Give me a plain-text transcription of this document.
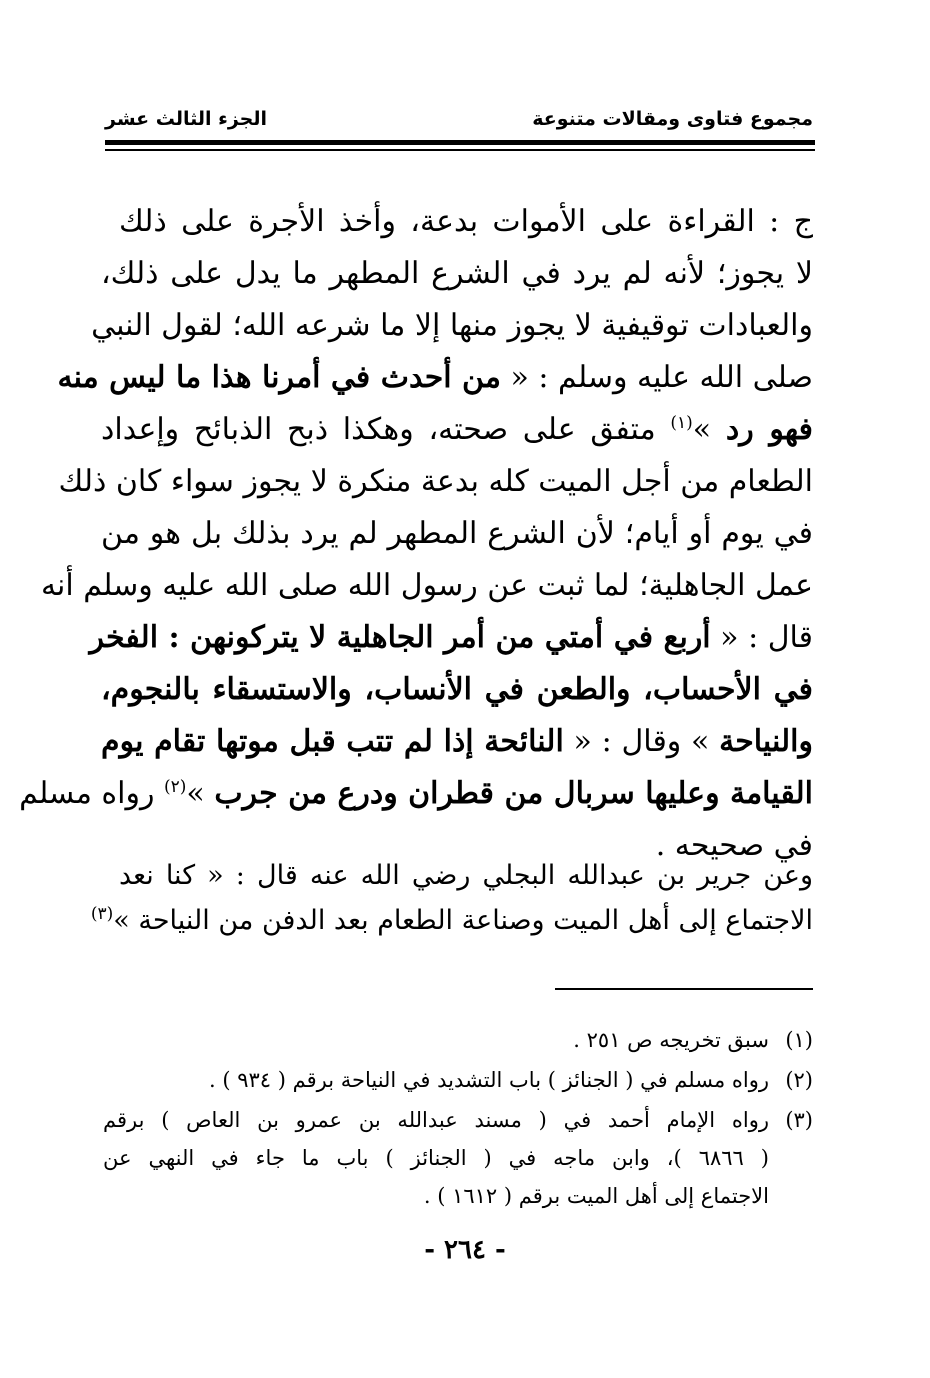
مجموع فتاوى ومقالات متنوعة
الجزء الثالث عشر
ج : القراءة على الأموات بدعة، وأخذ الأجرة على ذلك
لا يجوز؛ لأنه لم يرد في الشرع المطهر ما يدل على ذلك،
والعبادات توقيفية لا يجوز منها إلا ما شرعه الله؛ لقول النبي
صلى الله عليه وسلم : « من أحدث في أمرنا هذا ما ليس منه
فهو رد »$^{(١)}$ متفق على صحته، وهكذا ذبح الذبائح وإعداد
الطعام من أجل الميت كله بدعة منكرة لا يجوز سواء كان ذلك
في يوم أو أيام؛ لأن الشرع المطهر لم يرد بذلك بل هو من
عمل الجاهلية؛ لما ثبت عن رسول الله صلى الله عليه وسلم أنه
قال : « أربع في أمتي من أمر الجاهلية لا يتركونهن : الفخر
في الأحساب، والطعن في الأنساب، والاستسقاء بالنجوم،
والنياحة » وقال : « النائحة إذا لم تتب قبل موتها تقام يوم
القيامة وعليها سربال من قطران ودرع من جرب »$^{(٢)}$ رواه مسلم
في صحيحه .
وعن جرير بن عبدالله البجلي رضي الله عنه قال : « كنا نعد
الاجتماع إلى أهل الميت وصناعة الطعام بعد الدفن من النياحة »$^{(٣)}$
(١)
سبق تخريجه ص ٢٥١ .
(٢)
رواه مسلم في ( الجنائز ) باب التشديد في النياحة برقم ( ٩٣٤ ) .
(٣)
رواه الإمام أحمد في ( مسند عبدالله بن عمرو بن العاص ) برقم
( ٦٨٦٦ )، وابن ماجه في ( الجنائز ) باب ما جاء في النهي عن
الاجتماع إلى أهل الميت برقم ( ١٦١٢ ) .
- ٢٦٤ -
